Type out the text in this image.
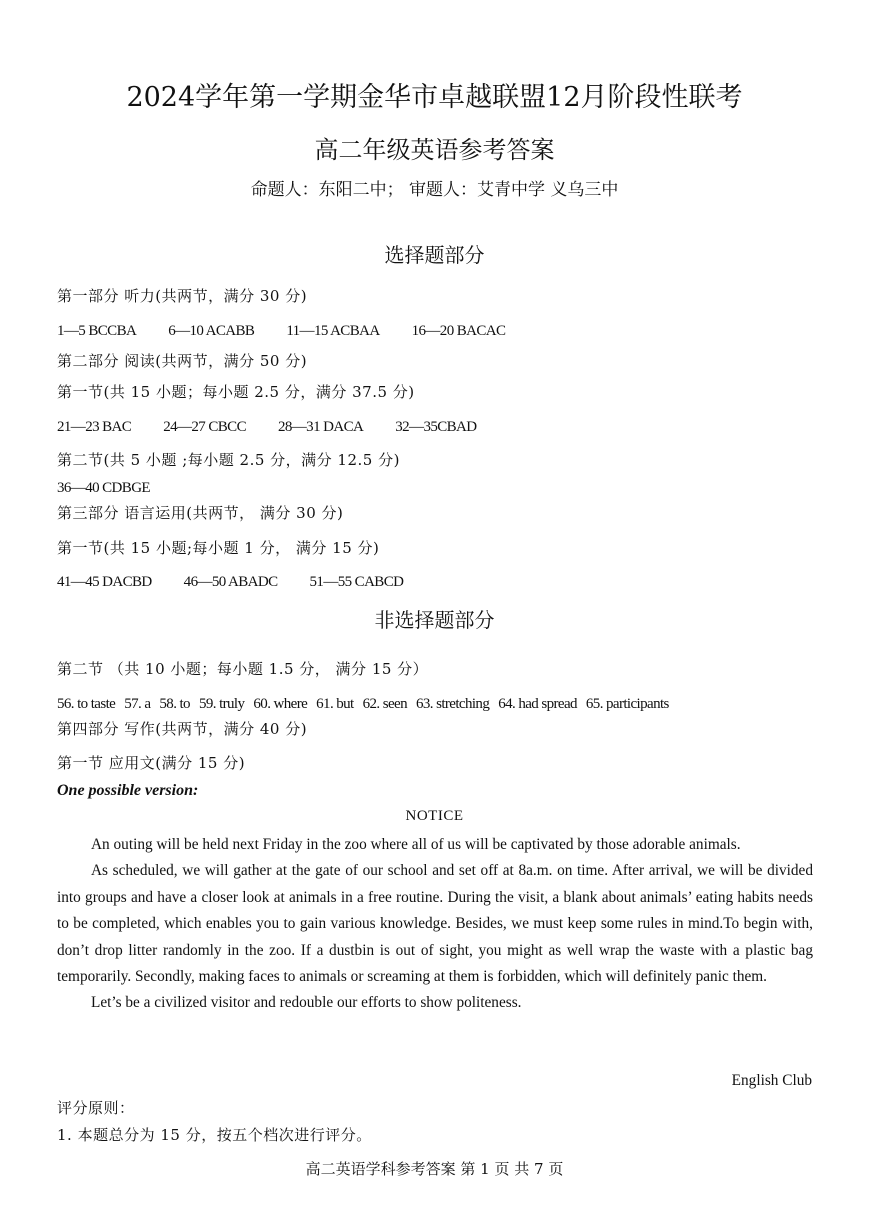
2024学年第一学期金华市卓越联盟12月阶段性联考
高二年级英语参考答案
命题人：东阳二中； 审题人：艾青中学 义乌三中
选择题部分
第一部分 听力(共两节，满分 30 分)
1—5 BCCBA 6—10 ACABB 11—15 ACBAA 16—20 BACAC
第二部分 阅读(共两节，满分 50 分)
第一节(共 15 小题；每小题 2.5 分，满分 37.5 分)
21—23 BAC 24—27 CBCC 28—31 DACA 32—35CBAD
第二节(共 5 小题 ;每小题 2.5 分，满分 12.5 分)
36—40 CDBGE
第三部分 语言运用(共两节， 满分 30 分)
第一节(共 15 小题;每小题 1 分， 满分 15 分)
41—45 DACBD 46—50 ABADC 51—55 CABCD
非选择题部分
第二节 （共 10 小题；每小题 1.5 分， 满分 15 分）
56. to taste 57. a 58. to 59. truly 60. where 61. but 62. seen 63. stretching 64. had spread 65. participants
第四部分 写作(共两节，满分 40 分)
第一节 应用文(满分 15 分)
One possible version:
NOTICE

An outing will be held next Friday in the zoo where all of us will be captivated by those adorable animals.

As scheduled, we will gather at the gate of our school and set off at 8a.m. on time. After arrival, we will be divided into groups and have a closer look at animals in a free routine. During the visit, a blank about animals’ eating habits needs to be completed, which enables you to gain various knowledge. Besides, we must keep some rules in mind.To begin with, don’t drop litter randomly in the zoo. If a dustbin is out of sight, you might as well wrap the waste with a plastic bag temporarily. Secondly, making faces to animals or screaming at them is forbidden, which will definitely panic them.

Let’s be a civilized visitor and redouble our efforts to show politeness.

English Club
评分原则：
1. 本题总分为 15 分，按五个档次进行评分。
高二英语学科参考答案 第 1 页 共 7 页
